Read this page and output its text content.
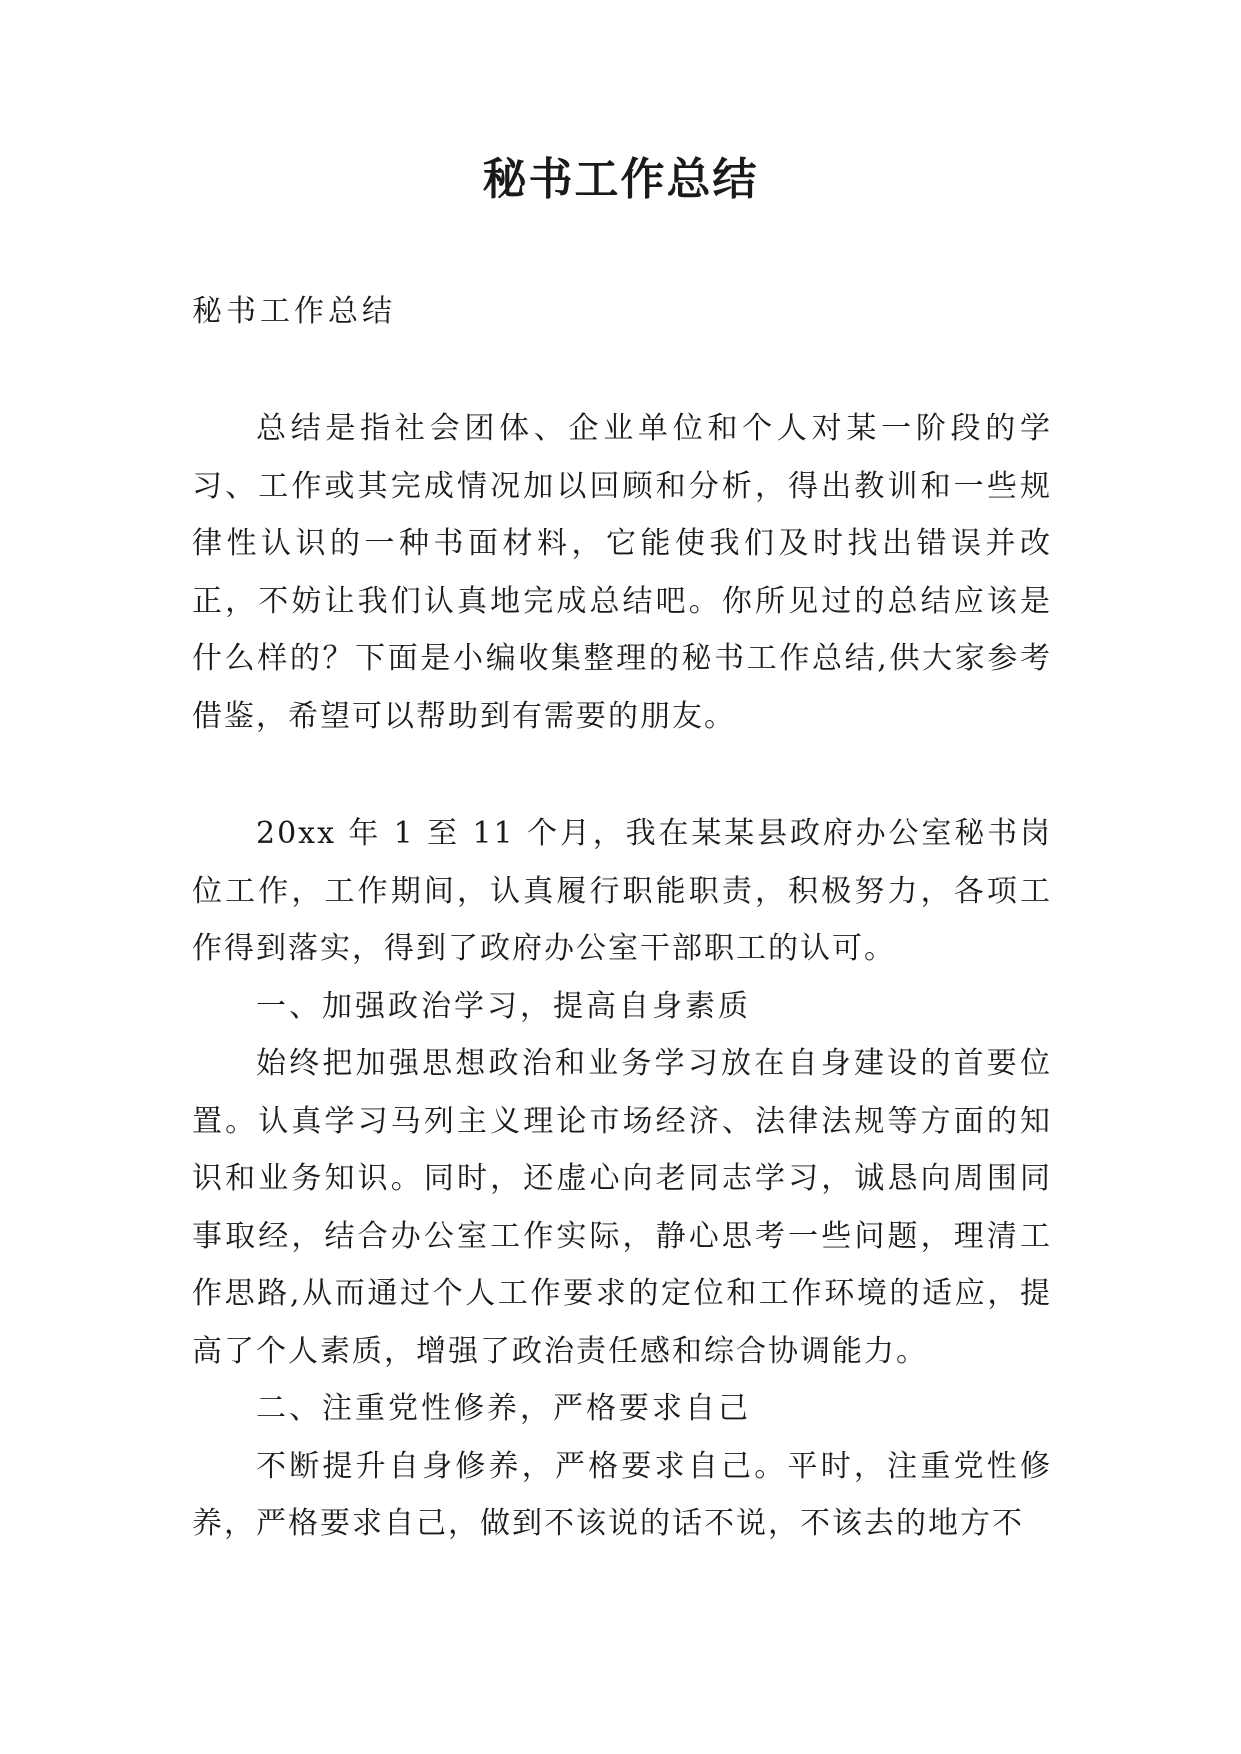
秘书工作总结

秘书工作总结

总结是指社会团体、企业单位和个人对某一阶段的学习、工作或其完成情况加以回顾和分析，得出教训和一些规律性认识的一种书面材料，它能使我们及时找出错误并改正，不妨让我们认真地完成总结吧。你所见过的总结应该是什么样的？下面是小编收集整理的秘书工作总结,供大家参考借鉴，希望可以帮助到有需要的朋友。

20xx 年 1 至 11 个月，我在某某县政府办公室秘书岗位工作，工作期间，认真履行职能职责，积极努力，各项工作得到落实，得到了政府办公室干部职工的认可。

一、加强政治学习，提高自身素质

始终把加强思想政治和业务学习放在自身建设的首要位置。认真学习马列主义理论市场经济、法律法规等方面的知识和业务知识。同时，还虚心向老同志学习，诚恳向周围同事取经，结合办公室工作实际，静心思考一些问题，理清工作思路,从而通过个人工作要求的定位和工作环境的适应，提高了个人素质，增强了政治责任感和综合协调能力。

二、注重党性修养，严格要求自己

不断提升自身修养，严格要求自己。平时，注重党性修养，严格要求自己，做到不该说的话不说，不该去的地方不
